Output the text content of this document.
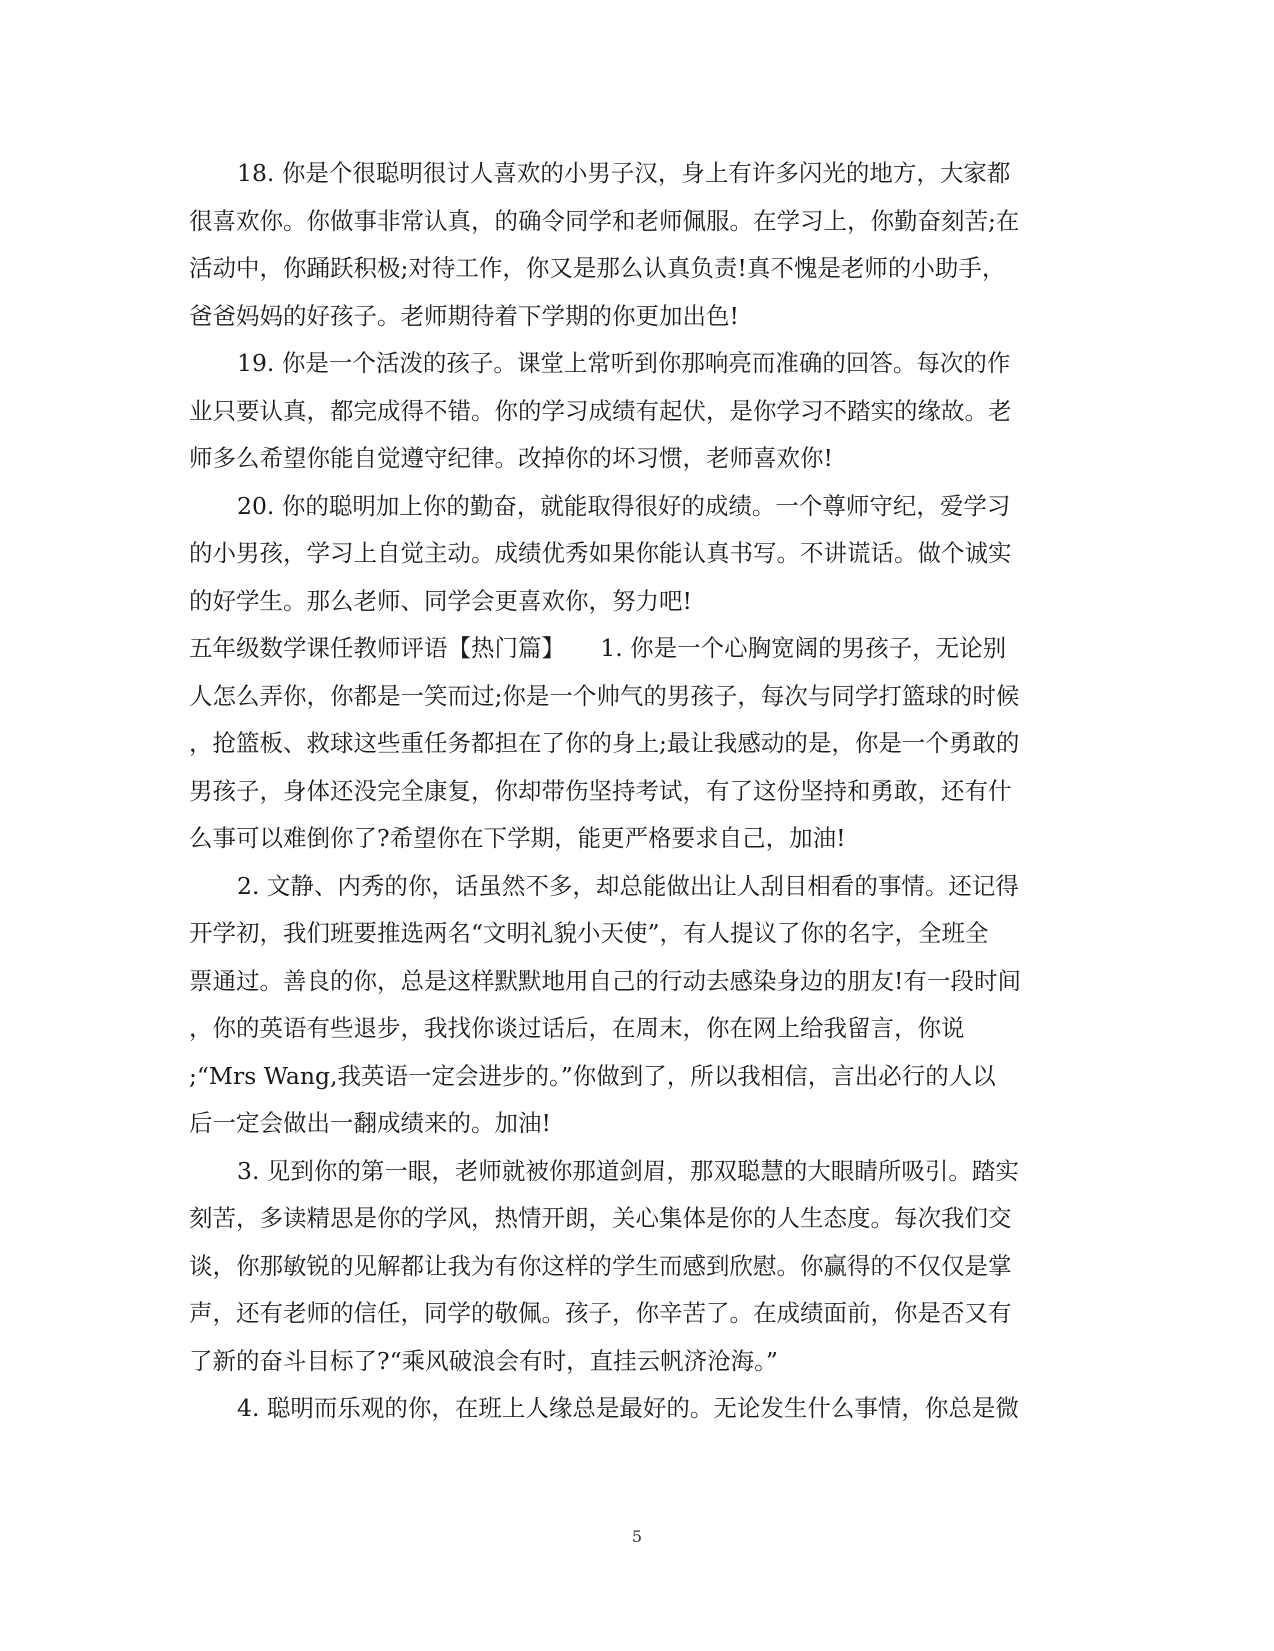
18. 你是个很聪明很讨人喜欢的小男子汉，身上有许多闪光的地方，大家都
很喜欢你。你做事非常认真，的确令同学和老师佩服。在学习上，你勤奋刻苦;在
活动中，你踊跃积极;对待工作，你又是那么认真负责!真不愧是老师的小助手，
爸爸妈妈的好孩子。老师期待着下学期的你更加出色!
19. 你是一个活泼的孩子。课堂上常听到你那响亮而准确的回答。每次的作
业只要认真，都完成得不错。你的学习成绩有起伏，是你学习不踏实的缘故。老
师多么希望你能自觉遵守纪律。改掉你的坏习惯，老师喜欢你!
20. 你的聪明加上你的勤奋，就能取得很好的成绩。一个尊师守纪，爱学习
的小男孩，学习上自觉主动。成绩优秀如果你能认真书写。不讲谎话。做个诚实
的好学生。那么老师、同学会更喜欢你，努力吧!
五年级数学课任教师评语【热门篇】　　1. 你是一个心胸宽阔的男孩子，无论别
人怎么弄你，你都是一笑而过;你是一个帅气的男孩子，每次与同学打篮球的时候
，抢篮板、救球这些重任务都担在了你的身上;最让我感动的是，你是一个勇敢的
男孩子，身体还没完全康复，你却带伤坚持考试，有了这份坚持和勇敢，还有什
么事可以难倒你了?希望你在下学期，能更严格要求自己，加油!
2. 文静、内秀的你，话虽然不多，却总能做出让人刮目相看的事情。还记得
开学初，我们班要推选两名“文明礼貌小天使”，有人提议了你的名字，全班全
票通过。善良的你，总是这样默默地用自己的行动去感染身边的朋友!有一段时间
，你的英语有些退步，我找你谈过话后，在周末，你在网上给我留言，你说
;“Mrs Wang,我英语一定会进步的。”你做到了，所以我相信，言出必行的人以
后一定会做出一翻成绩来的。加油!
3. 见到你的第一眼，老师就被你那道剑眉，那双聪慧的大眼睛所吸引。踏实
刻苦，多读精思是你的学风，热情开朗，关心集体是你的人生态度。每次我们交
谈，你那敏锐的见解都让我为有你这样的学生而感到欣慰。你赢得的不仅仅是掌
声，还有老师的信任，同学的敬佩。孩子，你辛苦了。在成绩面前，你是否又有
了新的奋斗目标了?“乘风破浪会有时，直挂云帆济沧海。”
4. 聪明而乐观的你，在班上人缘总是最好的。无论发生什么事情，你总是微
5
